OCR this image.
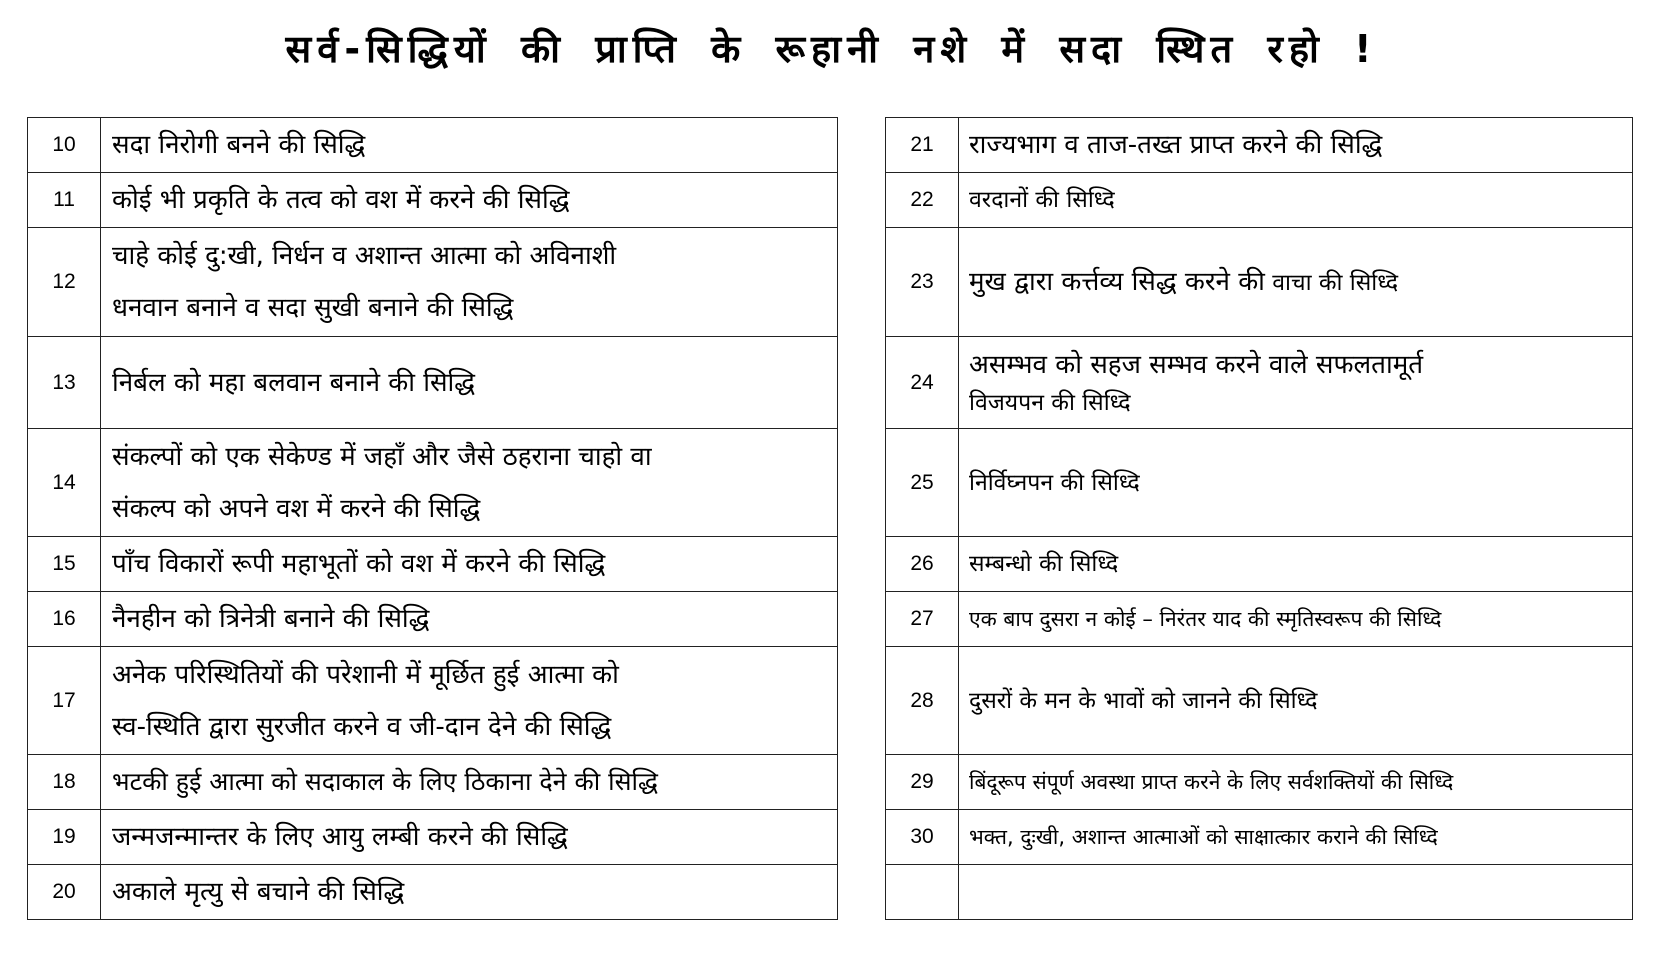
सर्व-सिद्धियों की प्राप्ति के रूहानी नशे में सदा स्थित रहो !
10	सदा निरोगी बनने की सिद्धि

11	कोई भी प्रकृति के तत्व को वश में करने की सिद्धि

12	चाहे कोई दु:खी, निर्धन व अशान्त आत्मा को अविनाशी
धनवान बनाने व सदा सुखी बनाने की सिद्धि

13	निर्बल को महा बलवान बनाने की सिद्धि

14	संकल्पों को एक सेकेण्ड में जहाँ और जैसे ठहराना चाहो वा
संकल्प को अपने वश में करने की सिद्धि

15	पाँच विकारों रूपी महाभूतों को वश में करने की सिद्धि

16	नैनहीन को त्रिनेत्री बनाने की सिद्धि

17	अनेक परिस्थितियों की परेशानी में मूर्छित हुई आत्मा को
स्व-स्थिति द्वारा सुरजीत करने व जी-दान देने की सिद्धि

18	भटकी हुई आत्मा को सदाकाल के लिए ठिकाना देने की सिद्धि

19	जन्मजन्मान्तर के लिए आयु लम्बी करने की सिद्धि

20	अकाले मृत्यु से बचाने की सिद्धि
21	राज्यभाग व ताज-तख्त प्राप्त करने की सिद्धि
22	वरदानों की सिध्दि
23	मुख द्वारा कर्त्तव्य सिद्ध करने की वाचा की सिध्दि
24	असम्भव को सहज सम्भव करने वाले सफलतामूर्त
विजयपन की सिध्दि

25	निर्विघ्नपन की सिध्दि
26	सम्बन्धो की सिध्दि
27	एक बाप दुसरा न कोई – निरंतर याद की स्मृतिस्वरूप की सिध्दि
28	दुसरों के मन के भावों को जानने की सिध्दि
29	बिंदूरूप संपूर्ण अवस्था प्राप्त करने के लिए सर्वशक्तियों की सिध्दि
30	भक्त, दुःखी, अशान्त आत्माओं को साक्षात्कार कराने की सिध्दि
